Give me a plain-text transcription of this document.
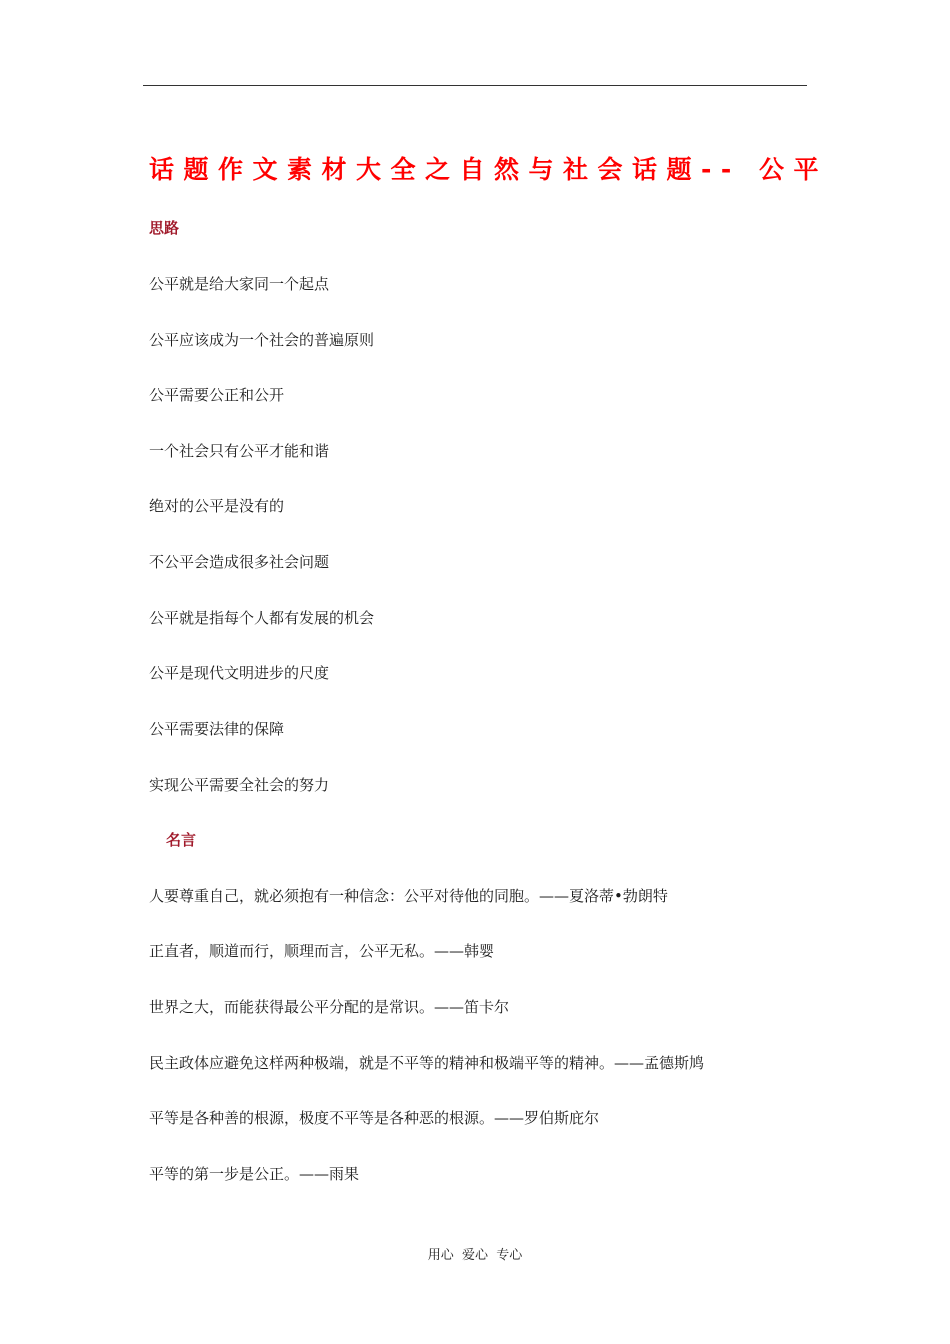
话题作文素材大全之自然与社会话题-- 公平
思路
公平就是给大家同一个起点
公平应该成为一个社会的普遍原则
公平需要公正和公开
一个社会只有公平才能和谐
绝对的公平是没有的
不公平会造成很多社会问题
公平就是指每个人都有发展的机会
公平是现代文明进步的尺度
公平需要法律的保障
实现公平需要全社会的努力
名言
人要尊重自己，就必须抱有一种信念：公平对待他的同胞。——夏洛蒂•勃朗特
正直者，顺道而行，顺理而言，公平无私。——韩婴
世界之大，而能获得最公平分配的是常识。——笛卡尔
民主政体应避免这样两种极端，就是不平等的精神和极端平等的精神。——孟德斯鸠
平等是各种善的根源，极度不平等是各种恶的根源。——罗伯斯庇尔
平等的第一步是公正。——雨果
用心  爱心  专心
